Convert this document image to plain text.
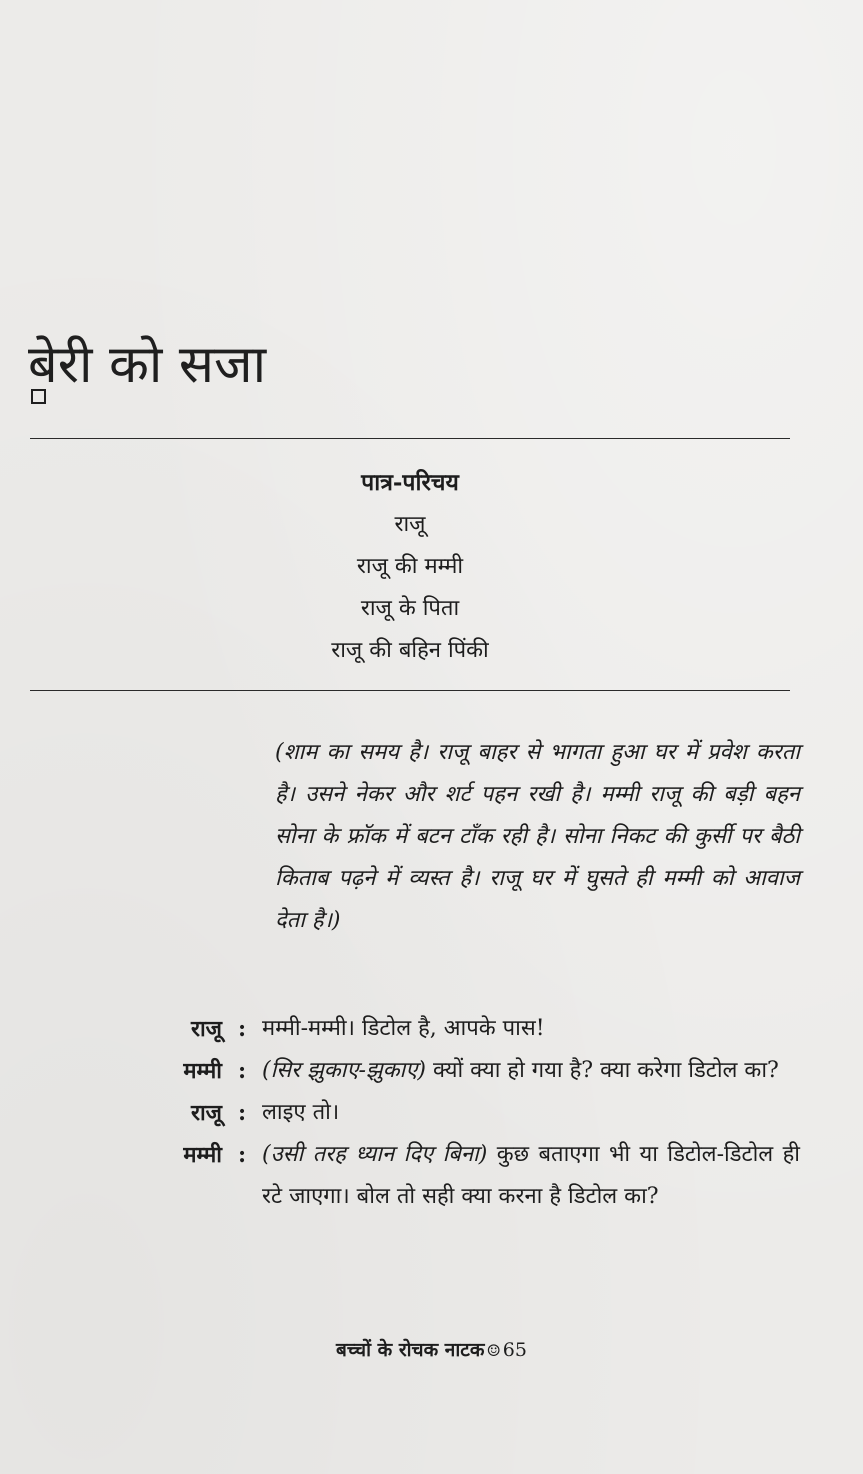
बेरी को सजा
पात्र-परिचय
राजू
राजू की मम्मी
राजू के पिता
राजू की बहिन पिंकी
(शाम का समय है। राजू बाहर से भागता हुआ घर में प्रवेश करता है। उसने नेकर और शर्ट पहन रखी है। मम्मी राजू की बड़ी बहन सोना के फ्रॉक में बटन टाँक रही है। सोना निकट की कुर्सी पर बैठी किताब पढ़ने में व्यस्त है। राजू घर में घुसते ही मम्मी को आवाज देता है।)
राजू : मम्मी-मम्मी। डिटोल है, आपके पास!
मम्मी : (सिर झुकाए-झुकाए) क्यों क्या हो गया है? क्या करेगा डिटोल का?
राजू : लाइए तो।
मम्मी : (उसी तरह ध्यान दिए बिना) कुछ बताएगा भी या डिटोल-डिटोल ही रटे जाएगा। बोल तो सही क्या करना है डिटोल का?
बच्चों के रोचक नाटक ☺ 65
